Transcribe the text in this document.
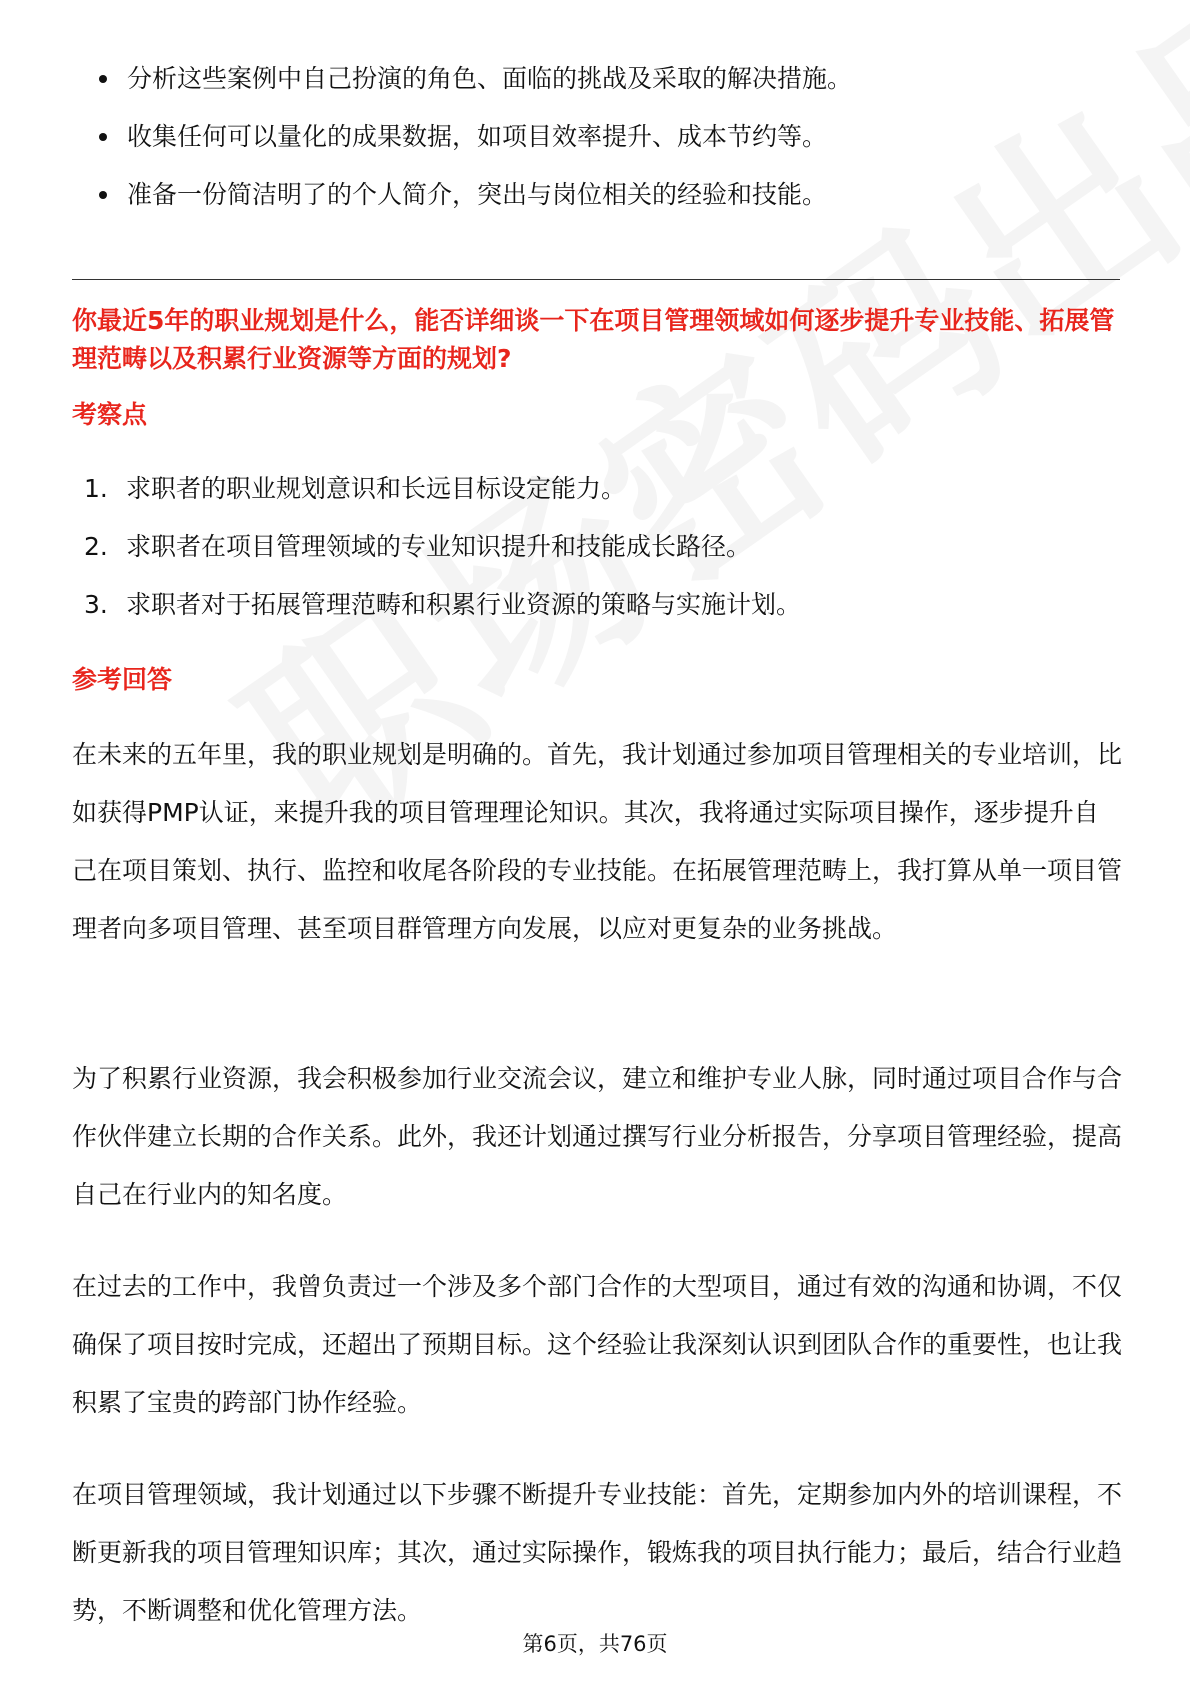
分析这些案例中自己扮演的角色、面临的挑战及采取的解决措施。
收集任何可以量化的成果数据，如项目效率提升、成本节约等。
准备一份简洁明了的个人简介，突出与岗位相关的经验和技能。

你最近5年的职业规划是什么，能否详细谈一下在项目管理领域如何逐步提升专业技能、拓展管理范畴以及积累行业资源等方面的规划?

考察点

1. 求职者的职业规划意识和长远目标设定能力。
2. 求职者在项目管理领域的专业知识提升和技能成长路径。
3. 求职者对于拓展管理范畴和积累行业资源的策略与实施计划。

参考回答

在未来的五年里，我的职业规划是明确的。首先，我计划通过参加项目管理相关的专业培训，比如获得PMP认证，来提升我的项目管理理论知识。其次，我将通过实际项目操作，逐步提升自己在项目策划、执行、监控和收尾各阶段的专业技能。在拓展管理范畴上，我打算从单一项目管理者向多项目管理、甚至项目群管理方向发展，以应对更复杂的业务挑战。

为了积累行业资源，我会积极参加行业交流会议，建立和维护专业人脉，同时通过项目合作与合作伙伴建立长期的合作关系。此外，我还计划通过撰写行业分析报告，分享项目管理经验，提高自己在行业内的知名度。

在过去的工作中，我曾负责过一个涉及多个部门合作的大型项目，通过有效的沟通和协调，不仅确保了项目按时完成，还超出了预期目标。这个经验让我深刻认识到团队合作的重要性，也让我积累了宝贵的跨部门协作经验。

在项目管理领域，我计划通过以下步骤不断提升专业技能：首先，定期参加内外的培训课程，不断更新我的项目管理知识库；其次，通过实际操作，锻炼我的项目执行能力；最后，结合行业趋势，不断调整和优化管理方法。

第6页，共76页
